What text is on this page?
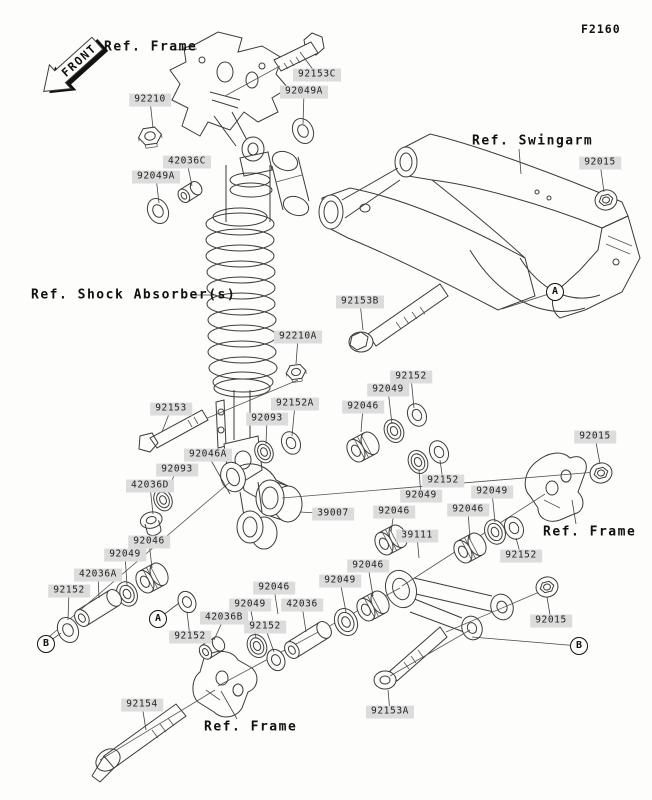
FRONT
F2160
92153C
92049A
92210
42036C
92049A
92015
92153B
92210A
92153	92152A
92093
92046
92152
92049
92046A
92093
42036D
92046
92049
42036A
92152
39007
92152
92049
92046	92046
39111
92046
92049
92046
92049	42036
42036B
92152
92152
92049
92152
92015
92015
92154
92153A
Ref. Frame
Ref. Swingarm
Ref. Shock Absorber(s)
Ref. Frame
Ref. Frame
A
A
B	B
